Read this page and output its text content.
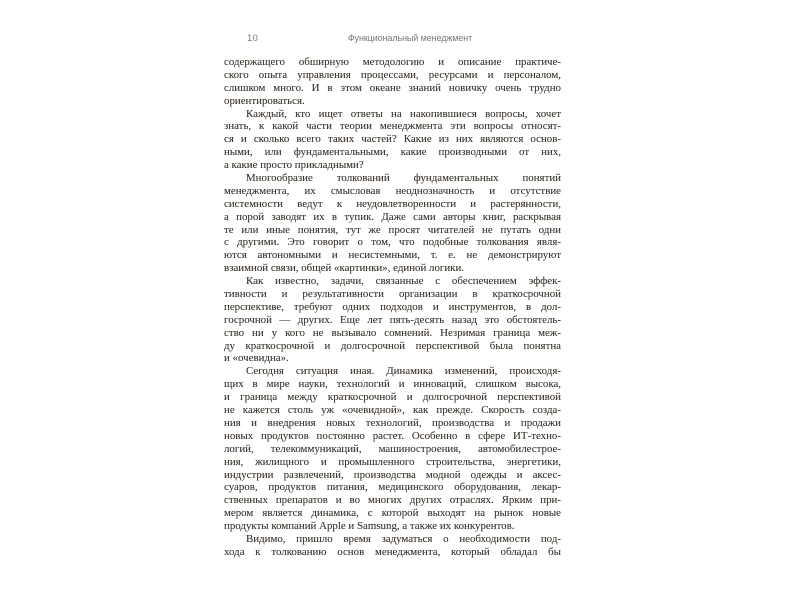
10	Функциональный менеджмент
содержащего обширную методологию и описание практиче-
ского опыта управления процессами, ресурсами и персоналом,
слишком много. И в этом океане знаний новичку очень трудно
ориентироваться.
Каждый, кто ищет ответы на накопившиеся вопросы, хочет
знать, к какой части теории менеджмента эти вопросы относят-
ся и сколько всего таких частей? Какие из них являются основ-
ными, или фундаментальными, какие производными от них,
а какие просто прикладными?
Многообразие толкований фундаментальных понятий
менеджмента, их смысловая неоднозначность и отсутствие
системности ведут к неудовлетворенности и растерянности,
а порой заводят их в тупик. Даже сами авторы книг, раскрывая
те или иные понятия, тут же просят читателей не путать одни
с другими. Это говорит о том, что подобные толкования явля-
ются автономными и несистемными, т. е. не демонстрируют
взаимной связи, общей «картинки», единой логики.
Как известно, задачи, связанные с обеспечением эффек-
тивности и результативности организации в краткосрочной
перспективе, требуют одних подходов и инструментов, в дол-
госрочной — других. Еще лет пять-десять назад это обстоятель-
ство ни у кого не вызывало сомнений. Незримая граница меж-
ду краткосрочной и долгосрочной перспективой была понятна
и «очевидна».
Сегодня ситуация иная. Динамика изменений, происходя-
щих в мире науки, технологий и инноваций, слишком высока,
и граница между краткосрочной и долгосрочной перспективой
не кажется столь уж «очевидной», как прежде. Скорость созда-
ния и внедрения новых технологий, производства и продажи
новых продуктов постоянно растет. Особенно в сфере ИТ-техно-
логий, телекоммуникаций, машиностроения, автомобилестрое-
ния, жилищного и промышленного строительства, энергетики,
индустрии развлечений, производства модной одежды и аксес-
суаров, продуктов питания, медицинского оборудования, лекар-
ственных препаратов и во многих других отраслях. Ярким при-
мером является динамика, с которой выходят на рынок новые
продукты компаний Apple и Samsung, а также их конкурентов.
Видимо, пришло время задуматься о необходимости под-
хода к толкованию основ менеджмента, который обладал бы
